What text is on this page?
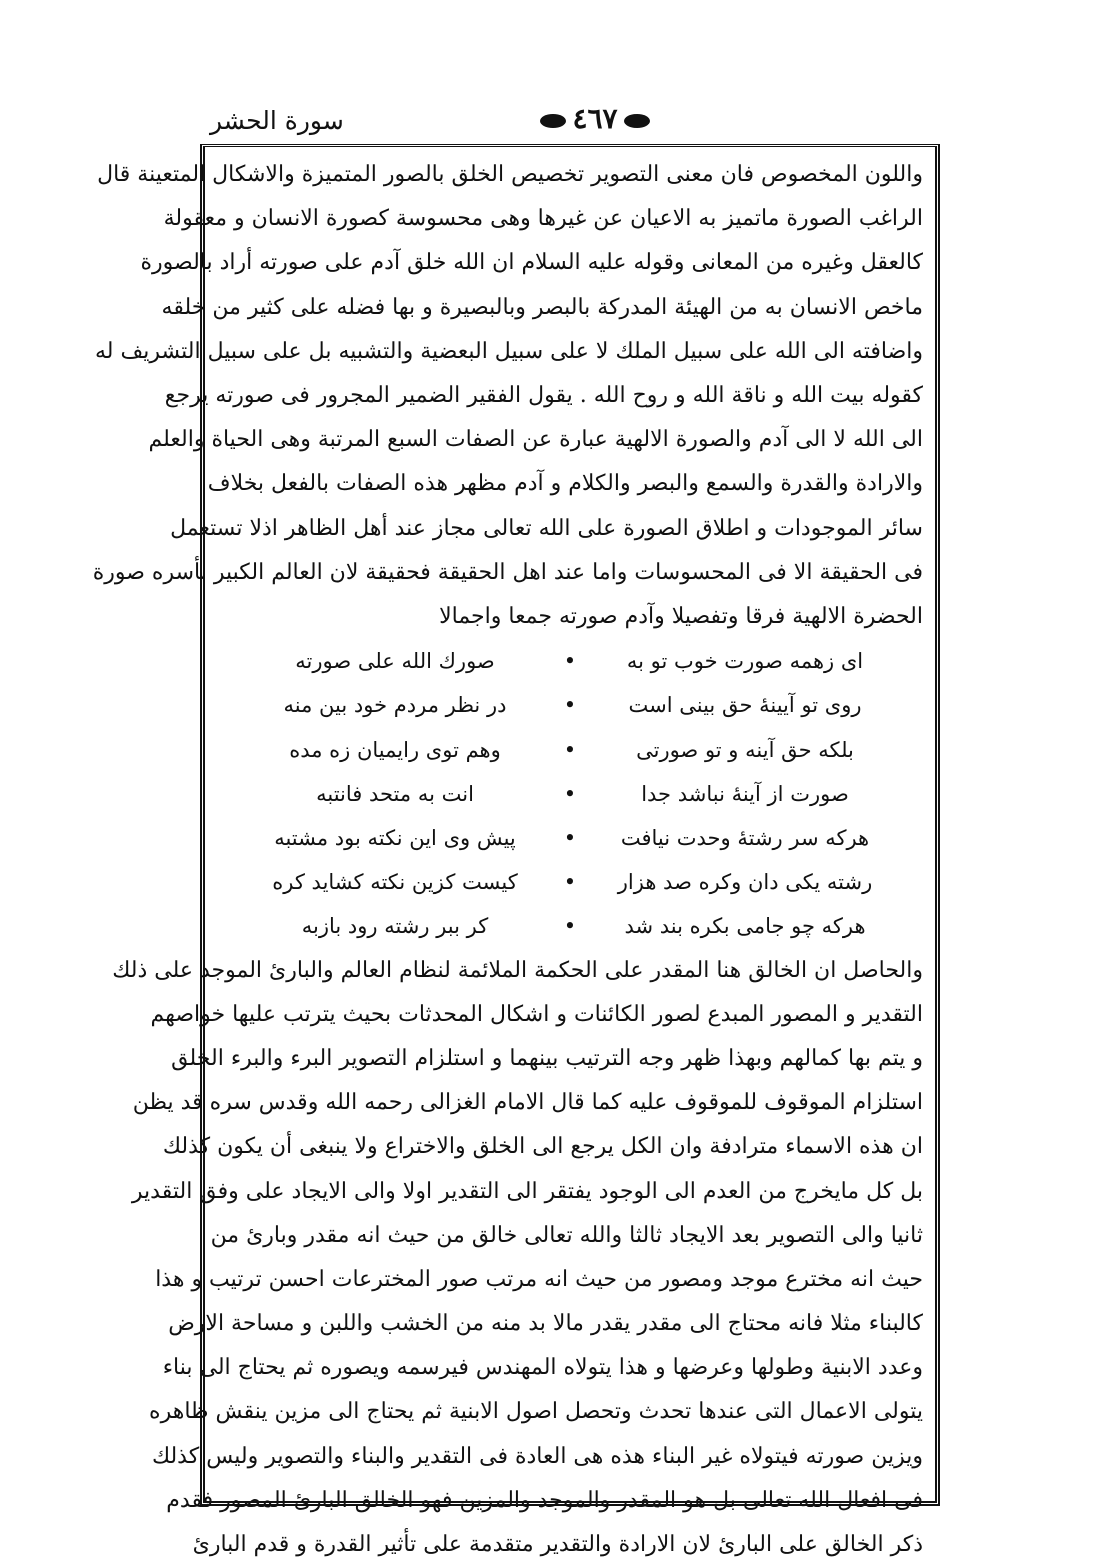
سورة الحشر	٤٦٧
واللون المخصوص فان معنى التصوير تخصيص الخلق بالصور المتميزة والاشكال المتعينة قال
الراغب الصورة ماتميز به الاعيان عن غيرها وهى محسوسة كصورة الانسان و معقولة
كالعقل وغيره من المعانى وقوله عليه السلام ان الله خلق آدم على صورته أراد بالصورة
ماخص الانسان به من الهيئة المدركة بالبصر وبالبصيرة و بها فضله على كثير من خلقه
واضافته الى الله على سبيل الملك لا على سبيل البعضية والتشبيه بل على سبيل التشريف له
كقوله بيت الله و ناقة الله و روح الله . يقول الفقير الضمير المجرور فى صورته يرجع
الى الله لا الى آدم والصورة الالهية عبارة عن الصفات السبع المرتبة وهى الحياة والعلم
والارادة والقدرة والسمع والبصر والكلام و آدم مظهر هذه الصفات بالفعل بخلاف
سائر الموجودات و اطلاق الصورة على الله تعالى مجاز عند أهل الظاهر اذلا تستعمل
فى الحقيقة الا فى المحسوسات واما عند اهل الحقيقة فحقيقة لان العالم الكبير بأسره صورة
الحضرة الالهية فرقا وتفصيلا وآدم صورته جمعا واجمالا
اى زهمه صورت خوب تو به
•
صورك الله على صورته
روى تو آيينهٔ حق بينى است
•
در نظر مردم خود بين منه
بلكه حق آينه و تو صورتى
•
وهم توى رايميان زه مده
صورت از آينهٔ نباشد جدا
•
انت به متحد فانتبه
هركه سر رشتهٔ وحدت نيافت
•
پيش وى اين نكته بود مشتبه
رشته يكى دان وكره صد هزار
•
كيست كزين نكته كشايد كره
هركه چو جامى بكره بند شد
•
كر ببر رشته رود بازبه
والحاصل ان الخالق هنا المقدر على الحكمة الملائمة لنظام العالم والبارئ الموجد على ذلك
التقدير و المصور المبدع لصور الكائنات و اشكال المحدثات بحيث يترتب عليها خواصهم
و يتم بها كمالهم وبهذا ظهر وجه الترتيب بينهما و استلزام التصوير البرء والبرء الخلق
استلزام الموقوف للموقوف عليه كما قال الامام الغزالى رحمه الله وقدس سره قد يظن
ان هذه الاسماء مترادفة وان الكل يرجع الى الخلق والاختراع ولا ينبغى أن يكون كذلك
بل كل مايخرج من العدم الى الوجود يفتقر الى التقدير اولا والى الايجاد على وفق التقدير
ثانيا والى التصوير بعد الايجاد ثالثا والله تعالى خالق من حيث انه مقدر وبارئ من
حيث انه مخترع موجد ومصور من حيث انه مرتب صور المخترعات احسن ترتيب و هذا
كالبناء مثلا فانه محتاج الى مقدر يقدر مالا بد منه من الخشب واللبن و مساحة الارض
وعدد الابنية وطولها وعرضها و هذا يتولاه المهندس فيرسمه ويصوره ثم يحتاج الى بناء
يتولى الاعمال التى عندها تحدث وتحصل اصول الابنية ثم يحتاج الى مزين ينقش ظاهره
ويزين صورته فيتولاه غير البناء هذه هى العادة فى التقدير والبناء والتصوير وليس كذلك
فى افعال الله تعالى بل هو المقدر والموجد والمزين فهو الخالق البارئ المصور فقدم
ذكر الخالق على البارئ لان الارادة والتقدير متقدمة على تأثير القدرة و قدم البارئ
